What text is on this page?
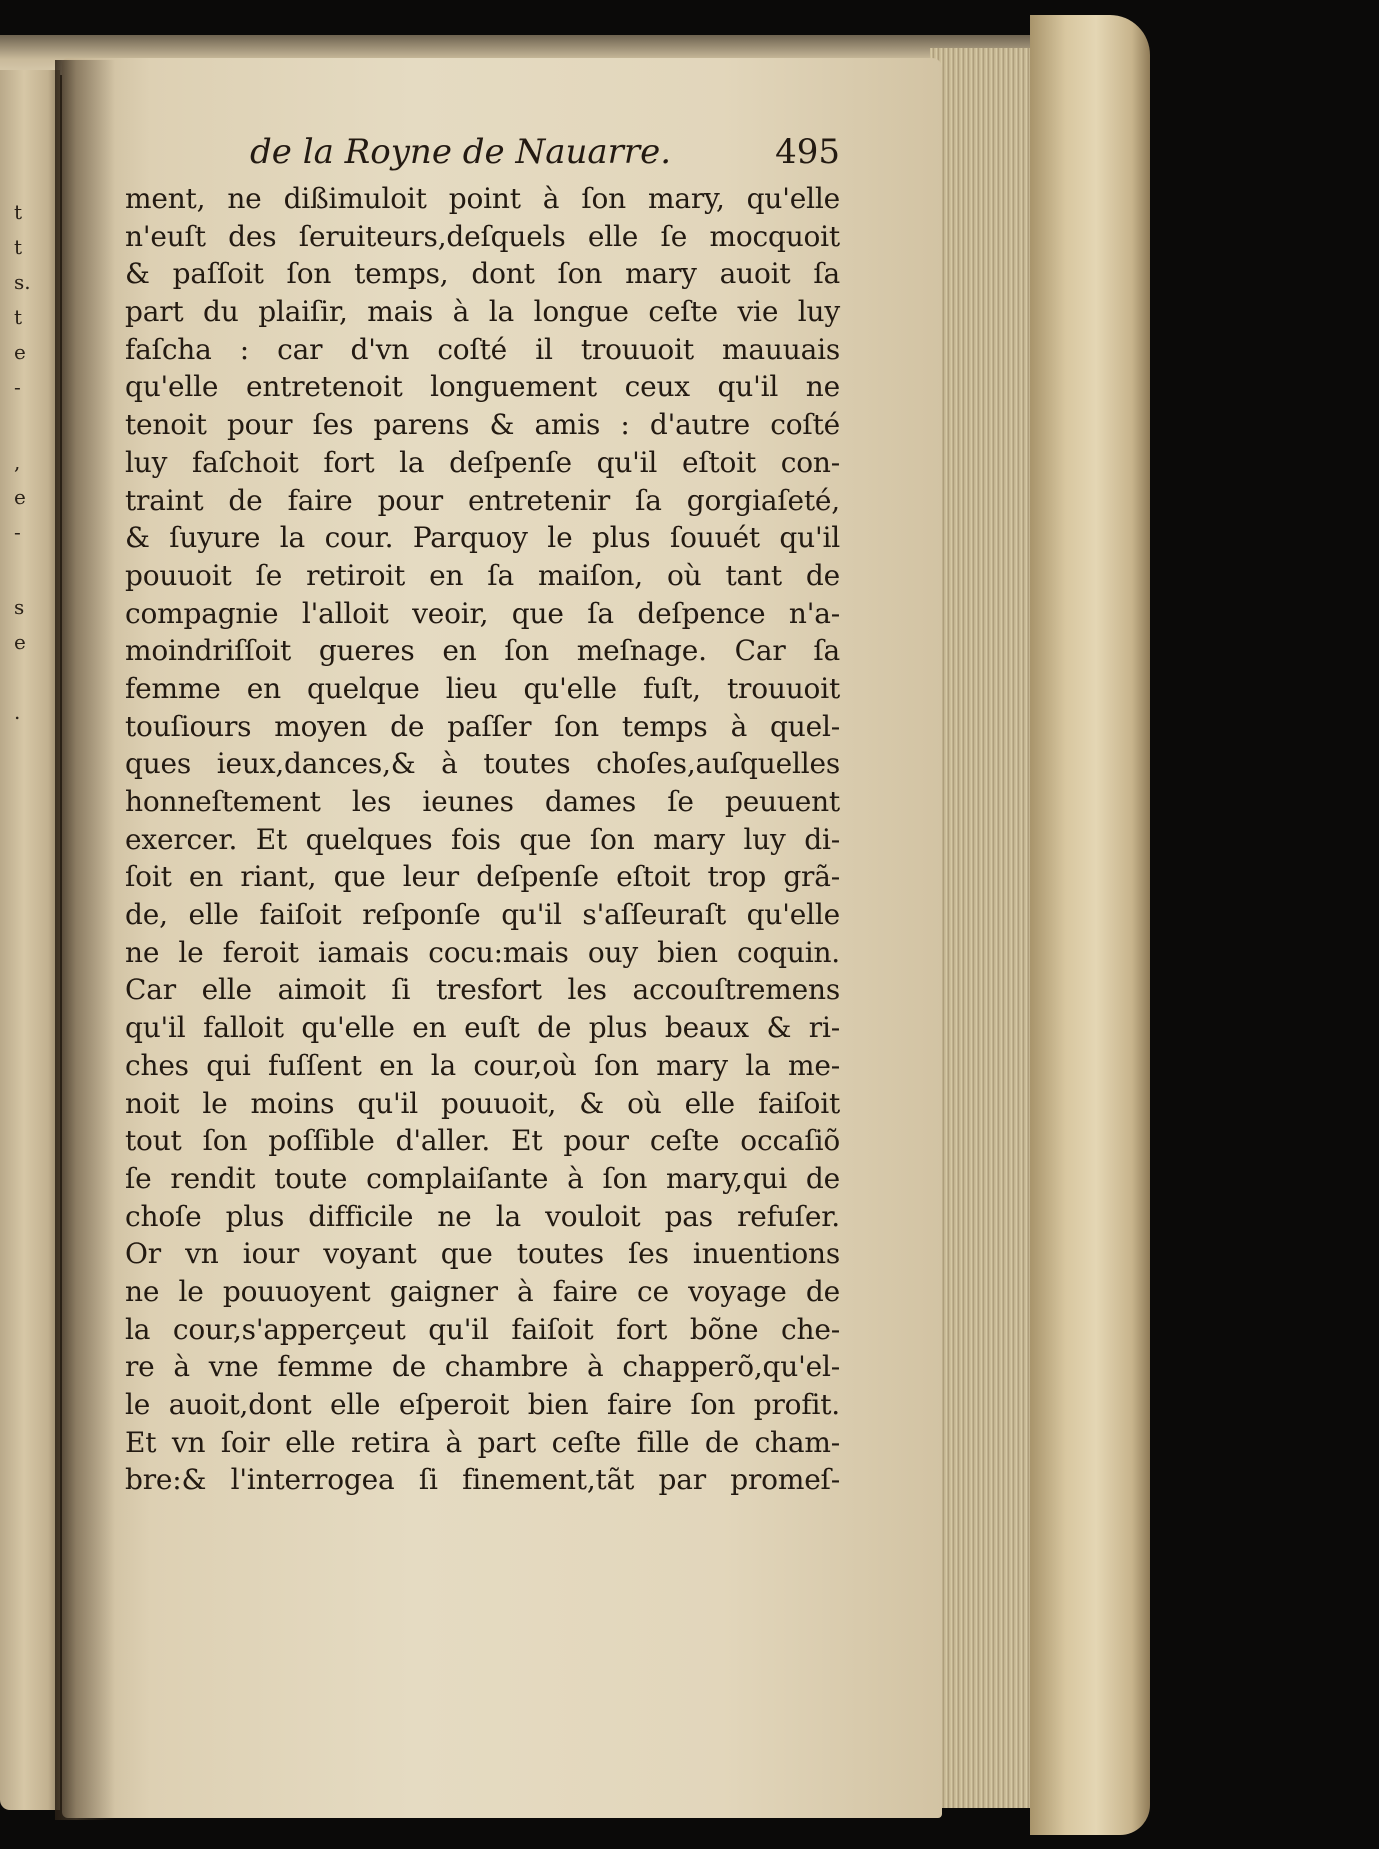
t
t
s.
t
e
-
,
e
-
s
e
.
de la Royne de Nauarre.	495
ment, ne dißimuloit point à ſon mary, qu'elle
n'euſt des ſeruiteurs,deſquels elle ſe mocquoit
& paſſoit ſon temps, dont ſon mary auoit ſa
part du plaiſir, mais à la longue ceſte vie luy
faſcha : car d'vn coſté il trouuoit mauuais
qu'elle entretenoit longuement ceux qu'il ne
tenoit pour ſes parens & amis : d'autre coſté
luy faſchoit fort la deſpenſe qu'il eſtoit con-
traint de faire pour entretenir ſa gorgiaſeté,
& ſuyure la cour. Parquoy le plus ſouuét qu'il
pouuoit ſe retiroit en ſa maiſon, où tant de
compagnie l'alloit veoir, que ſa deſpence n'a-
moindriſſoit gueres en ſon meſnage. Car ſa
femme en quelque lieu qu'elle fuſt, trouuoit
touſiours moyen de paſſer ſon temps à quel-
ques ieux,dances,& à toutes choſes,auſquelles
honneſtement les ieunes dames ſe peuuent
exercer. Et quelques fois que ſon mary luy di-
ſoit en riant, que leur deſpenſe eſtoit trop grã-
de, elle faiſoit reſponſe qu'il s'aſſeuraſt qu'elle
ne le feroit iamais cocu:mais ouy bien coquin.
Car elle aimoit ſi tresfort les accouſtremens
qu'il falloit qu'elle en euſt de plus beaux & ri-
ches qui fuſſent en la cour,où ſon mary la me-
noit le moins qu'il pouuoit, & où elle faiſoit
tout ſon poſſible d'aller. Et pour ceſte occaſiõ
ſe rendit toute complaiſante à ſon mary,qui de
choſe plus difficile ne la vouloit pas refuſer.
Or vn iour voyant que toutes ſes inuentions
ne le pouuoyent gaigner à faire ce voyage de
la cour,s'apperçeut qu'il faiſoit fort bõne che-
re à vne femme de chambre à chapperõ,qu'el-
le auoit,dont elle eſperoit bien faire ſon profit.
Et vn ſoir elle retira à part ceſte fille de cham-
bre:& l'interrogea ſi finement,tãt par promeſ-
